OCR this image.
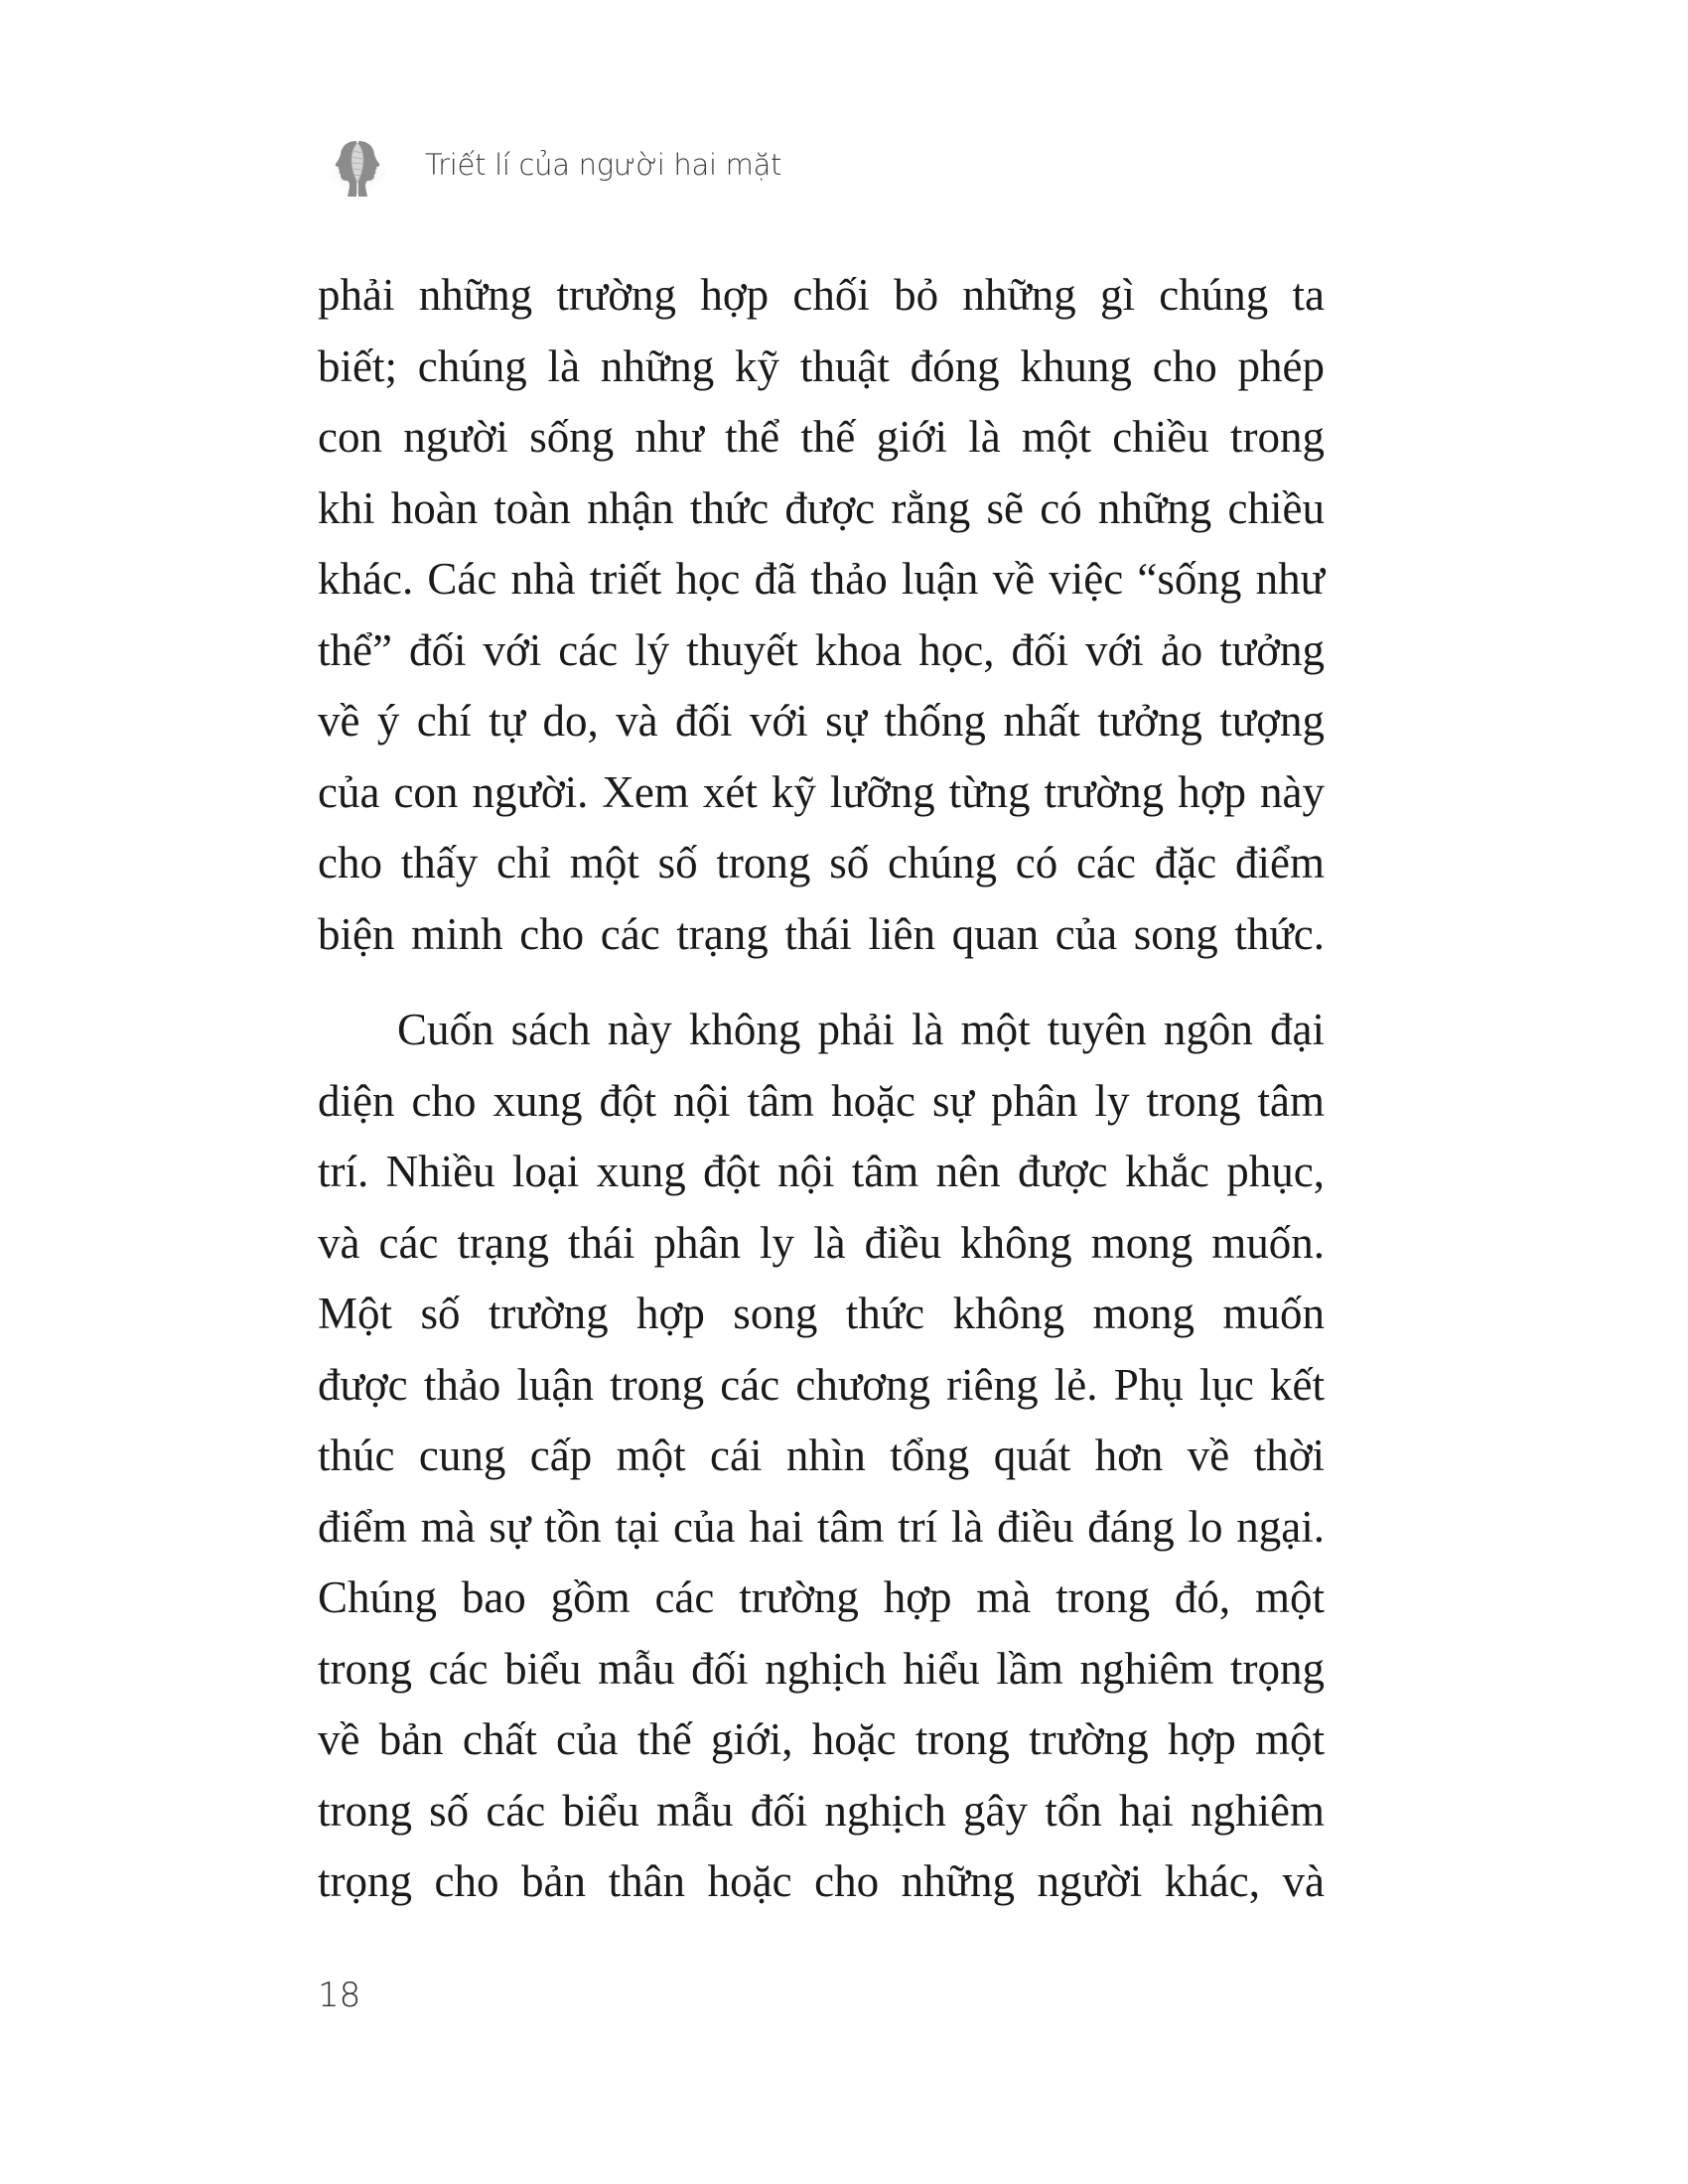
Triết lí của người hai mặt
phải những trường hợp chối bỏ những gì chúng ta
biết; chúng là những kỹ thuật đóng khung cho phép
con người sống như thể thế giới là một chiều trong
khi hoàn toàn nhận thức được rằng sẽ có những chiều
khác. Các nhà triết học đã thảo luận về việc “sống như
thể” đối với các lý thuyết khoa học, đối với ảo tưởng
về ý chí tự do, và đối với sự thống nhất tưởng tượng
của con người. Xem xét kỹ lưỡng từng trường hợp này
cho thấy chỉ một số trong số chúng có các đặc điểm
biện minh cho các trạng thái liên quan của song thức.
Cuốn sách này không phải là một tuyên ngôn đại
diện cho xung đột nội tâm hoặc sự phân ly trong tâm
trí. Nhiều loại xung đột nội tâm nên được khắc phục,
và các trạng thái phân ly là điều không mong muốn.
Một số trường hợp song thức không mong muốn
được thảo luận trong các chương riêng lẻ. Phụ lục kết
thúc cung cấp một cái nhìn tổng quát hơn về thời
điểm mà sự tồn tại của hai tâm trí là điều đáng lo ngại.
Chúng bao gồm các trường hợp mà trong đó, một
trong các biểu mẫu đối nghịch hiểu lầm nghiêm trọng
về bản chất của thế giới, hoặc trong trường hợp một
trong số các biểu mẫu đối nghịch gây tổn hại nghiêm
trọng cho bản thân hoặc cho những người khác, và
18
